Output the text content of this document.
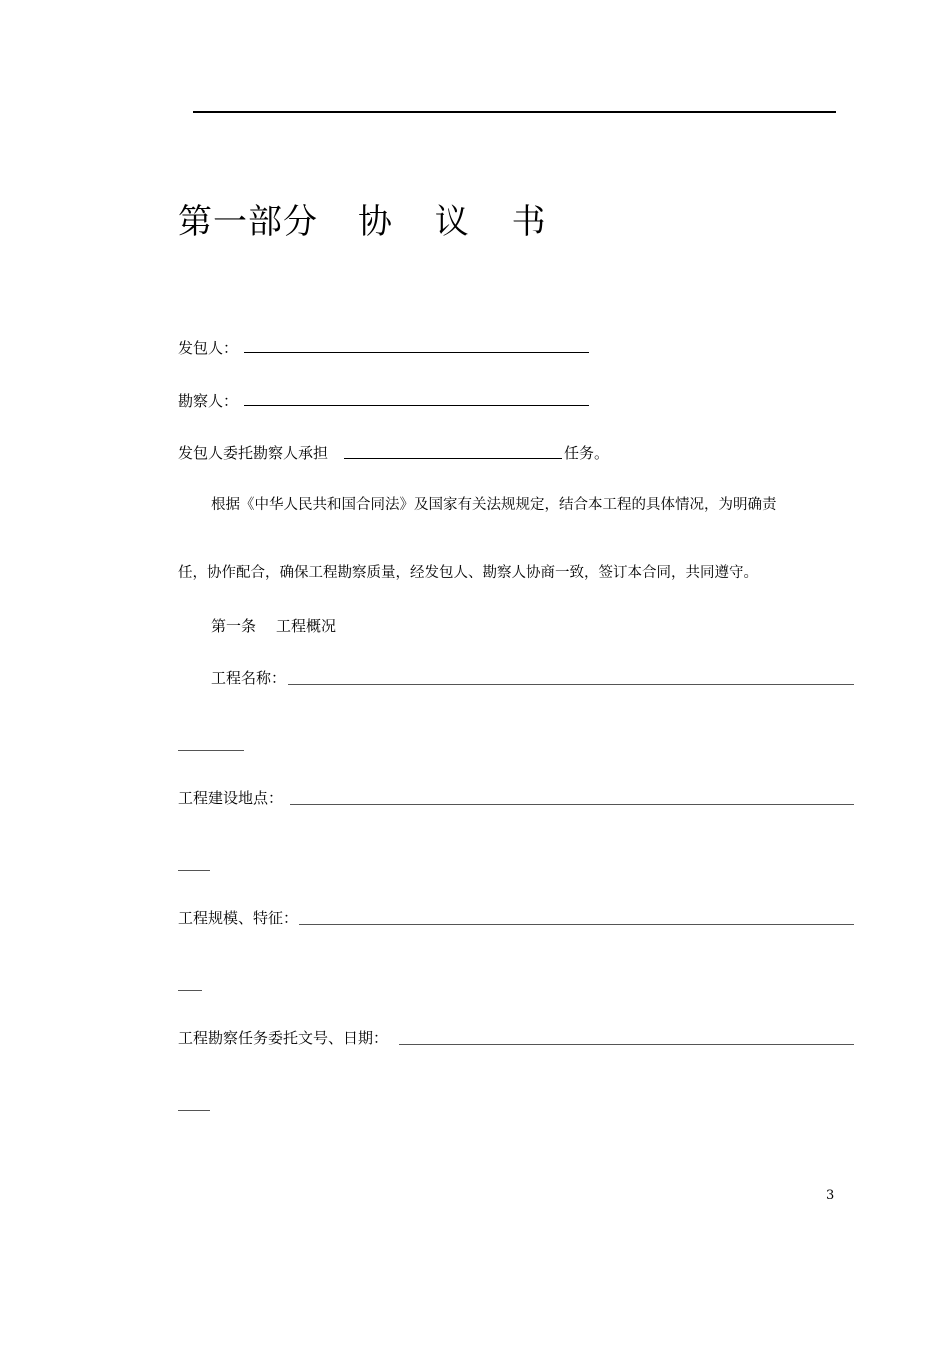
第一部分 协 议 书
发包人：
勘察人：
发包人委托勘察人承担	任务。
根据《中华人民共和国合同法》及国家有关法规规定，结合本工程的具体情况，为明确责
任，协作配合，确保工程勘察质量，经发包人、勘察人协商一致，签订本合同，共同遵守。
第一条 工程概况
工程名称：
工程建设地点：
工程规模、特征：
工程勘察任务委托文号、日期：
3
